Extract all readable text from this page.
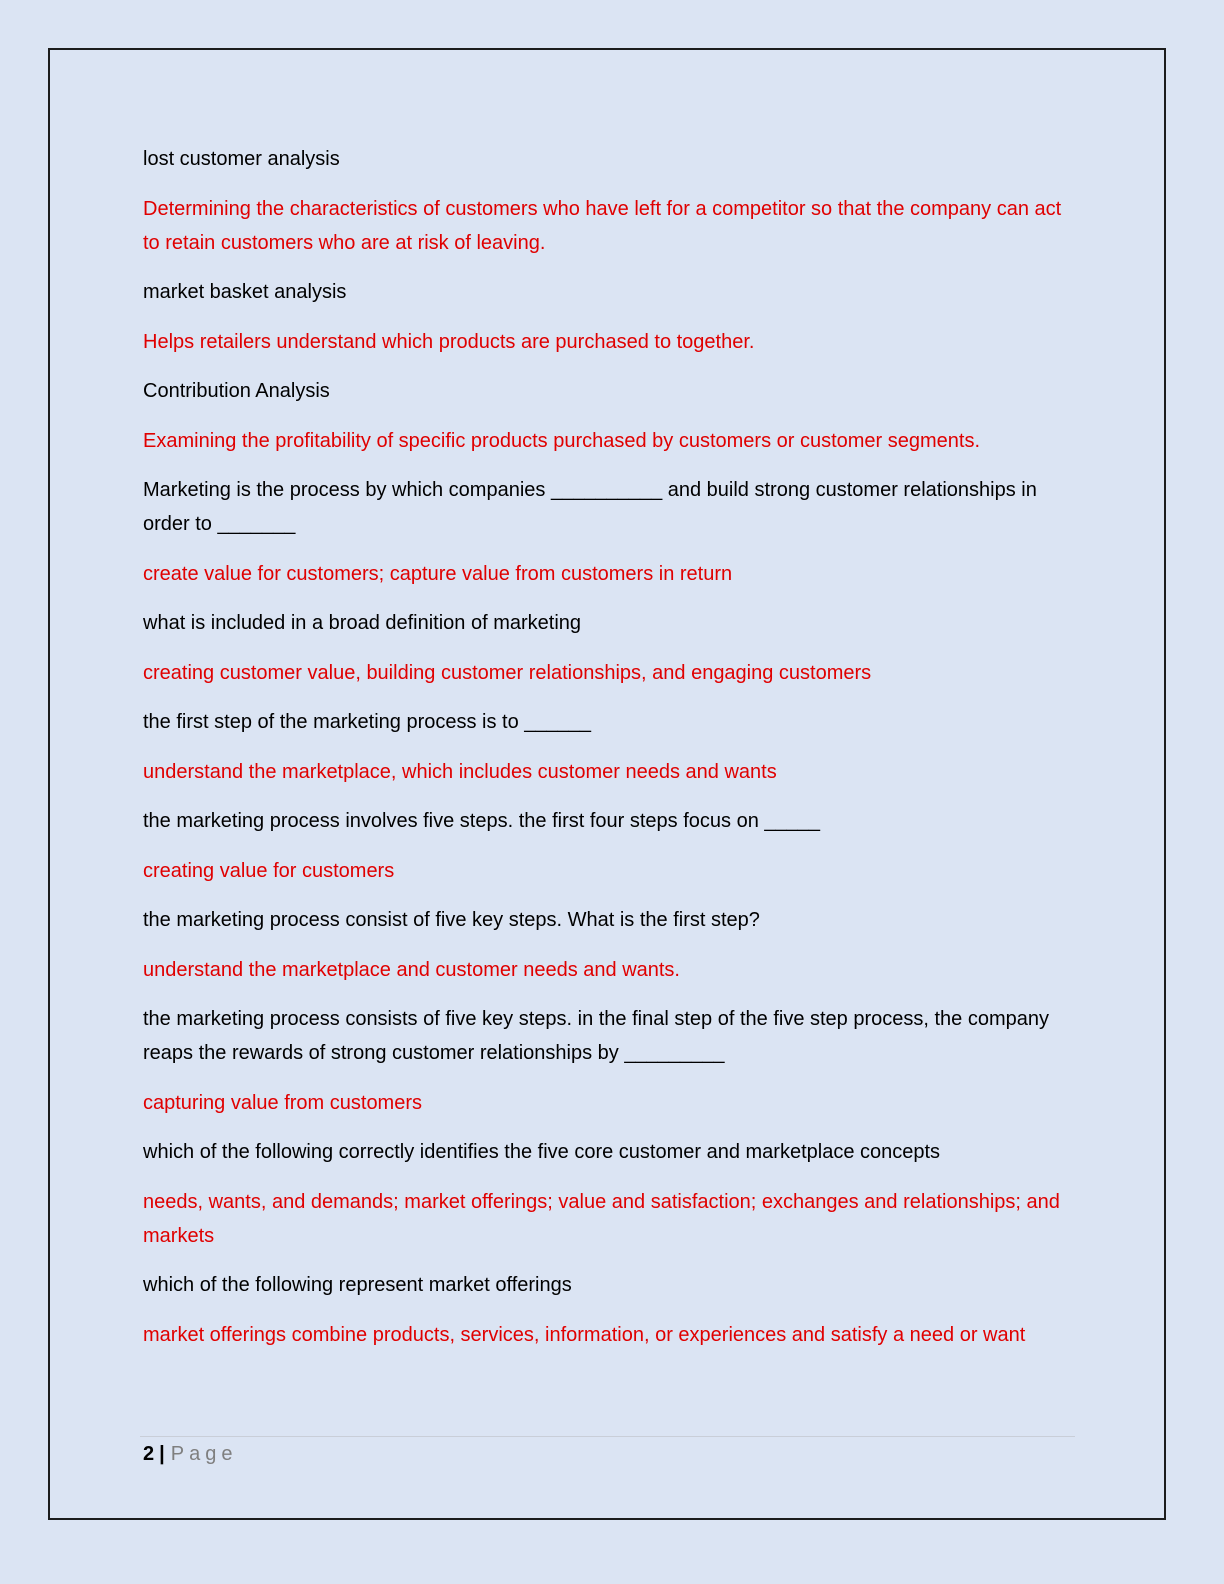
lost customer analysis

Determining the characteristics of customers who have left for a competitor so that the company can act to retain customers who are at risk of leaving.

market basket analysis

Helps retailers understand which products are purchased to together.

Contribution Analysis

Examining the profitability of specific products purchased by customers or customer segments.

Marketing is the process by which companies __________ and build strong customer relationships in order to _______

create value for customers; capture value from customers in return

what is included in a broad definition of marketing

creating customer value, building customer relationships, and engaging customers

the first step of the marketing process is to ______

understand the marketplace, which includes customer needs and wants

the marketing process involves five steps. the first four steps focus on _____

creating value for customers

the marketing process consist of five key steps. What is the first step?

understand the marketplace and customer needs and wants.

the marketing process consists of five key steps. in the final step of the five step process, the company reaps the rewards of strong customer relationships by _________

capturing value from customers

which of the following correctly identifies the five core customer and marketplace concepts

needs, wants, and demands; market offerings; value and satisfaction; exchanges and relationships; and markets

which of the following represent market offerings

market offerings combine products, services, information, or experiences and satisfy a need or want

2 | Page
